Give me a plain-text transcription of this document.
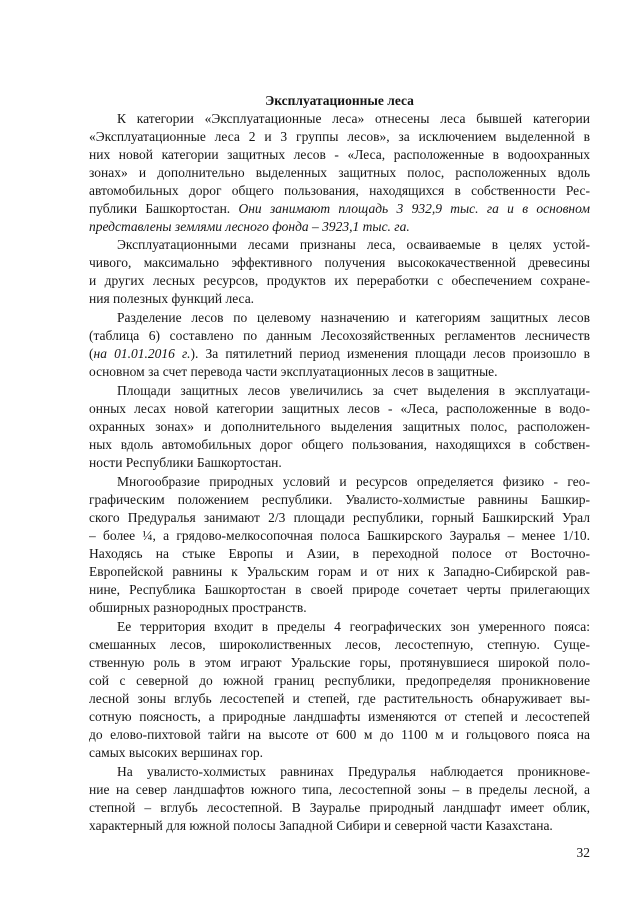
Эксплуатационные леса
К категории «Эксплуатационные леса» отнесены леса бывшей категории
«Эксплуатационные леса 2 и 3 группы лесов», за исключением выделенной в
них новой категории защитных лесов - «Леса, расположенные в водоохранных
зонах» и дополнительно выделенных защитных полос, расположенных вдоль
автомобильных дорог общего пользования, находящихся в собственности Рес-
публики Башкортостан. Они занимают площадь 3 932,9 тыс. га и в основном
представлены землями лесного фонда – 3923,1 тыс. га.
Эксплуатационными лесами признаны леса, осваиваемые в целях устой-
чивого, максимально эффективного получения высококачественной древесины
и других лесных ресурсов, продуктов их переработки с обеспечением сохране-
ния полезных функций леса.
Разделение лесов по целевому назначению и категориям защитных лесов
(таблица 6) составлено по данным Лесохозяйственных регламентов лесничеств
(на 01.01.2016 г.). За пятилетний период изменения площади лесов произошло в
основном за счет перевода части эксплуатационных лесов в защитные.
Площади защитных лесов увеличились за счет выделения в эксплуатаци-
онных лесах новой категории защитных лесов - «Леса, расположенные в водо-
охранных зонах» и дополнительного выделения защитных полос, расположен-
ных вдоль автомобильных дорог общего пользования, находящихся в собствен-
ности Республики Башкортостан.
Многообразие природных условий и ресурсов определяется физико - гео-
графическим положением республики. Увалисто-холмистые равнины Башкир-
ского Предуралья занимают 2/3 площади республики, горный Башкирский Урал
– более ¼, а грядово-мелкосопочная полоса Башкирского Зауралья – менее 1/10.
Находясь на стыке Европы и Азии, в переходной полосе от Восточно-
Европейской равнины к Уральским горам и от них к Западно-Сибирской рав-
нине, Республика Башкортостан в своей природе сочетает черты прилегающих
обширных разнородных пространств.
Ее территория входит в пределы 4 географических зон умеренного пояса:
смешанных лесов, широколиственных лесов, лесостепную, степную. Суще-
ственную роль в этом играют Уральские горы, протянувшиеся широкой поло-
сой с северной до южной границ республики, предопределяя проникновение
лесной зоны вглубь лесостепей и степей, где растительность обнаруживает вы-
сотную поясность, а природные ландшафты изменяются от степей и лесостепей
до елово-пихтовой тайги на высоте от 600 м до 1100 м и гольцового пояса на
самых высоких вершинах гор.
На увалисто-холмистых равнинах Предуралья наблюдается проникнове-
ние на север ландшафтов южного типа, лесостепной зоны – в пределы лесной, а
степной – вглубь лесостепной. В Зауралье природный ландшафт имеет облик,
характерный для южной полосы Западной Сибири и северной части Казахстана.
32
